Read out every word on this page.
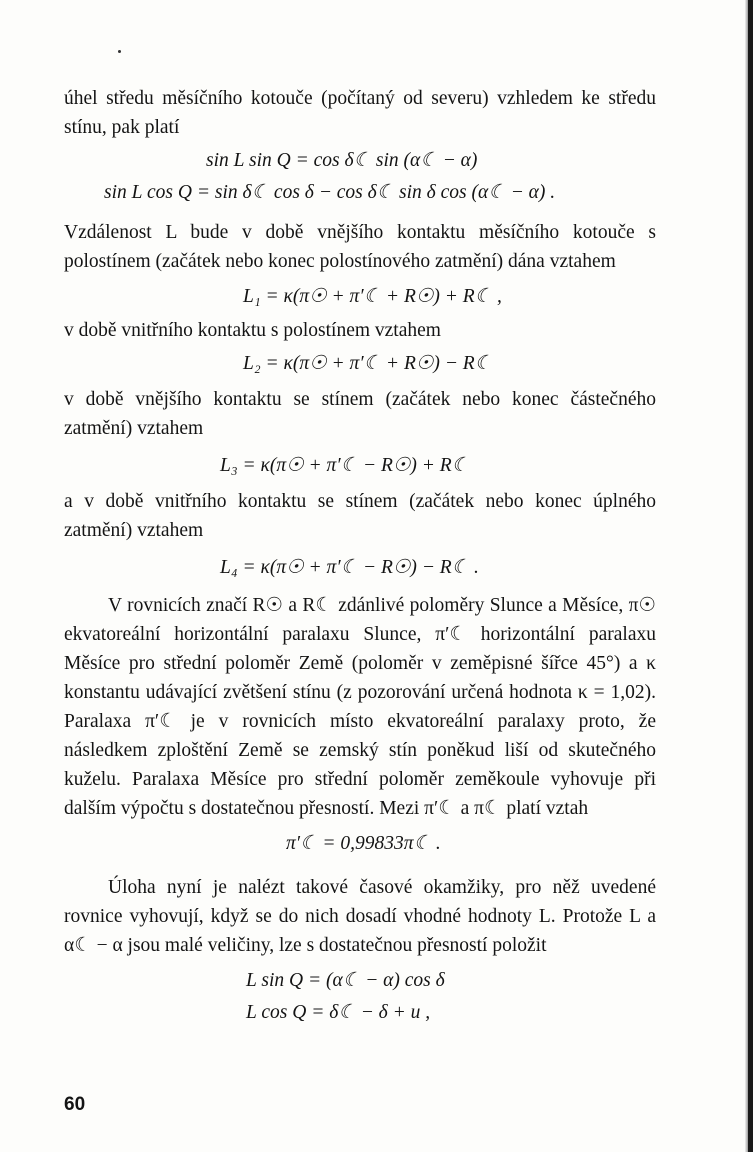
úhel středu měsíčního kotouče (počítaný od severu) vzhledem ke středu stínu, pak platí

sin L sin Q = cos δ☾ sin (α☾ − α)

sin L cos Q = sin δ☾ cos δ − cos δ☾ sin δ cos (α☾ − α) .

Vzdálenost L bude v době vnějšího kontaktu měsíčního kotouče s polostínem (začátek nebo konec polostínového zatmění) dána vztahem

L₁ = κ(π☉ + π′☾ + R☉) + R☾ ,

v době vnitřního kontaktu s polostínem vztahem

L₂ = κ(π☉ + π′☾ + R☉) − R☾

v době vnějšího kontaktu se stínem (začátek nebo konec částečného zatmění) vztahem

L₃ = κ(π☉ + π′☾ − R☉) + R☾

a v době vnitřního kontaktu se stínem (začátek nebo konec úplného zatmění) vztahem

L₄ = κ(π☉ + π′☾ − R☉) − R☾ .

V rovnicích značí R☉ a R☾ zdánlivé poloměry Slunce a Měsíce, π☉ ekvatoreální horizontální paralaxu Slunce, π′☾ horizontální paralaxu Měsíce pro střední poloměr Země (poloměr v zeměpisné šířce 45°) a κ konstantu udávající zvětšení stínu (z pozorování určená hodnota κ = 1,02). Paralaxa π′☾ je v rovnicích místo ekvatoreální paralaxy proto, že následkem zploštění Země se zemský stín poněkud liší od skutečného kuželu. Paralaxa Měsíce pro střední poloměr zeměkoule vyhovuje při dalším výpočtu s dostatečnou přesností. Mezi π′☾ a π☾ platí vztah

π′☾ = 0,99833π☾ .

Úloha nyní je nalézt takové časové okamžiky, pro něž uvedené rovnice vyhovují, když se do nich dosadí vhodné hodnoty L. Protože L a α☾ − α jsou malé veličiny, lze s dostatečnou přesností položit

L sin Q = (α☾ − α) cos δ

L cos Q = δ☾ − δ + u ,

60
